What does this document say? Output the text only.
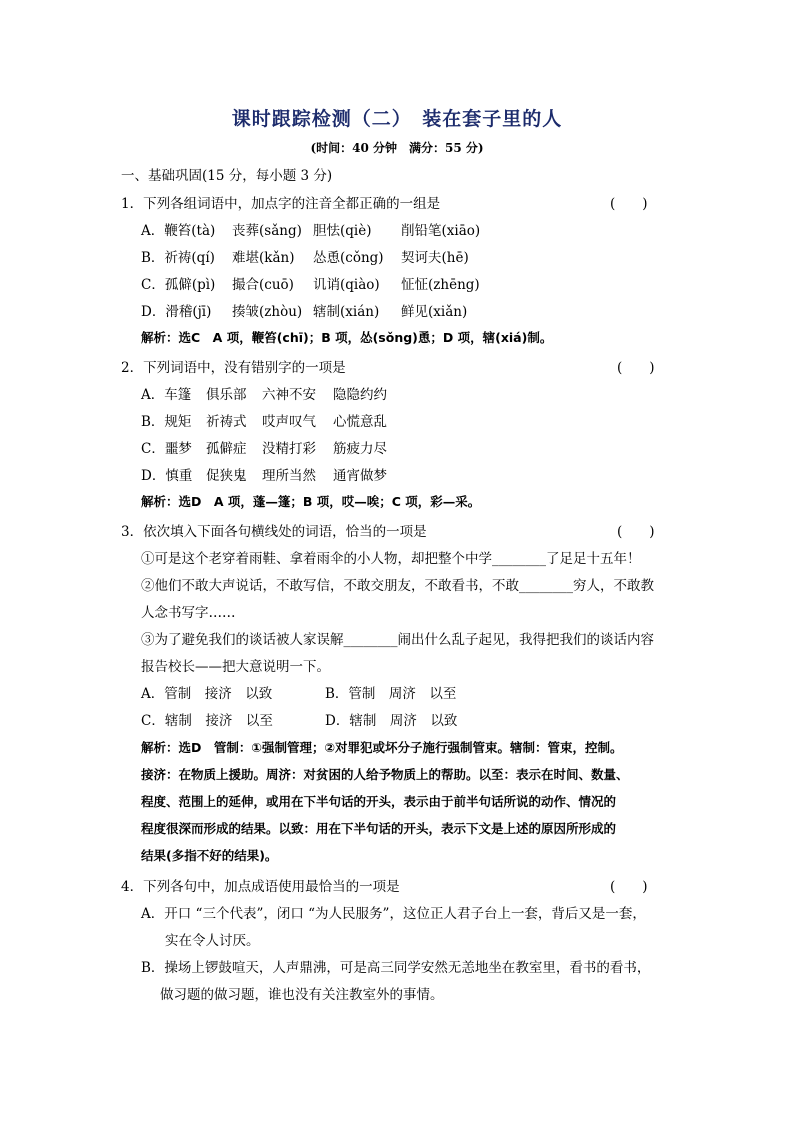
课时跟踪检测（二）　装在套子里的人
(时间：40 分钟　满分：55 分)
一、基础巩固(15 分，每小题 3 分)
1．下列各组词语中，加点字的注音全都正确的一组是	(　　)
A．鞭笞(tà) 丧葬(sǎng) 胆怯(qiè) 削铅笔(xiāo)
B．祈祷(qí) 难堪(kǎn) 怂恿(cǒng) 契诃夫(hē)
C．孤僻(pì) 撮合(cuō) 讥诮(qiào) 怔怔(zhēng)
D．滑稽(jī) 揍皱(zhòu) 辖制(xián) 鲜见(xiǎn)
解析：选C　A 项，鞭笞(chī)；B 项，怂(sǒng)恿；D 项，辖(xiá)制。
2．下列词语中，没有错别字的一项是	(　　)
A．车篷 俱乐部 六神不安 隐隐约约
B．规矩 祈祷式 哎声叹气 心慌意乱
C．噩梦 孤僻症 没精打彩 筋疲力尽
D．慎重 促狭鬼 理所当然 通宵做梦
解析：选D　A 项，蓬—篷；B 项，哎—唉；C 项，彩—采。
3．依次填入下面各句横线处的词语，恰当的一项是	(　　)
①可是这个老穿着雨鞋、拿着雨伞的小人物，却把整个中学________了足足十五年！
②他们不敢大声说话，不敢写信，不敢交朋友，不敢看书，不敢________穷人，不敢教
人念书写字……
③为了避免我们的谈话被人家误解________闹出什么乱子起见，我得把我们的谈话内容
报告校长——把大意说明一下。
A．管制　接济　以致	B．管制　周济　以至
C．辖制　接济　以至	D．辖制　周济　以致
解析：选D　管制：①强制管理；②对罪犯或坏分子施行强制管束。辖制：管束，控制。
接济：在物质上援助。周济：对贫困的人给予物质上的帮助。以至：表示在时间、数量、
程度、范围上的延伸，或用在下半句话的开头，表示由于前半句话所说的动作、情况的
程度很深而形成的结果。以致：用在下半句话的开头，表示下文是上述的原因所形成的
结果(多指不好的结果)。
4．下列各句中，加点成语使用最恰当的一项是	(　　)
A．开口 “三个代表”，闭口 “为人民服务”，这位正人君子台上一套，背后又是一套，
实在令人讨厌。
B．操场上锣鼓喧天，人声鼎沸，可是高三同学安然无恙地坐在教室里，看书的看书，
做习题的做习题，谁也没有关注教室外的事情。
